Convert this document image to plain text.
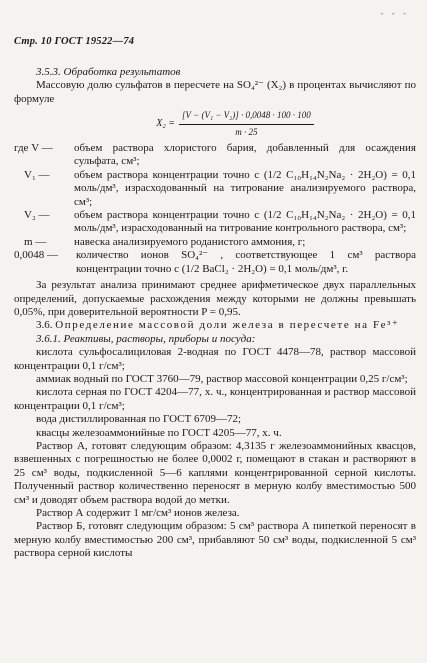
- - -
Стр. 10 ГОСТ 19522—74

3.5.3. Обработка результатов

Массовую долю сульфатов в пересчете на SO₄²⁻ (X₂) в процентах вычисляют по формуле

$X_2 = \frac{\text{[V − (V₁ − V₂)] · 0,0048 · 100 · 100}}{m \cdot 25}$
где V —	объем раствора хлористого бария, добавленный для осаждения сульфата, см³;
V₁ —	объем раствора концентрации точно c (1/2 C₁₀H₁₄N₂Na₂ · 2H₂O) = 0,1 моль/дм³, израсходованный на титрование анализируемого раствора, см³;
V₂ —	объем раствора концентрации точно c (1/2 C₁₀H₁₄N₂Na₂ · 2H₂O) = 0,1 моль/дм³, израсходованный на титрование контрольного раствора, см³;
m —	навеска анализируемого роданистого аммония, г;
0,0048 —	количество ионов SO₄²⁻ , соответствующее 1 см³ раствора концентрации точно c (1/2 BaCl₂ · 2H₂O) = 0,1 моль/дм³, г.

За результат анализа принимают среднее арифметическое двух параллельных определений, допускаемые расхождения между которыми не должны превышать 0,05%, при доверительной вероятности P = 0,95.

3.6. Определение массовой доли железа в пересчете на Fe³⁺

3.6.1. Реактивы, растворы, приборы и посуда:

кислота сульфосалициловая 2-водная по ГОСТ 4478—78, раствор массовой концентрации 0,1 г/см³;

аммиак водный по ГОСТ 3760—79, раствор массовой концентрации 0,25 г/см³;

кислота серная по ГОСТ 4204—77, х. ч., концентрированная и раствор массовой концентрации 0,1 г/см³;

вода дистиллированная по ГОСТ 6709—72;

квасцы железоаммонийные по ГОСТ 4205—77, х. ч.

Раствор А, готовят следующим образом: 4,3135 г железоаммонийных квасцов, взвешенных с погрешностью не более 0,0002 г, помещают в стакан и растворяют в 25 см³ воды, подкисленной 5—6 каплями концентрированной серной кислоты. Полученный раствор количественно переносят в мерную колбу вместимостью 500 см³ и доводят объем раствора водой до метки.

Раствор А содержит 1 мг/см³ ионов железа.

Раствор Б, готовят следующим образом: 5 см³ раствора А пипеткой переносят в мерную колбу вместимостью 200 см³, прибавляют 50 см³ воды, подкисленной 5 см³ раствора серной кислоты
